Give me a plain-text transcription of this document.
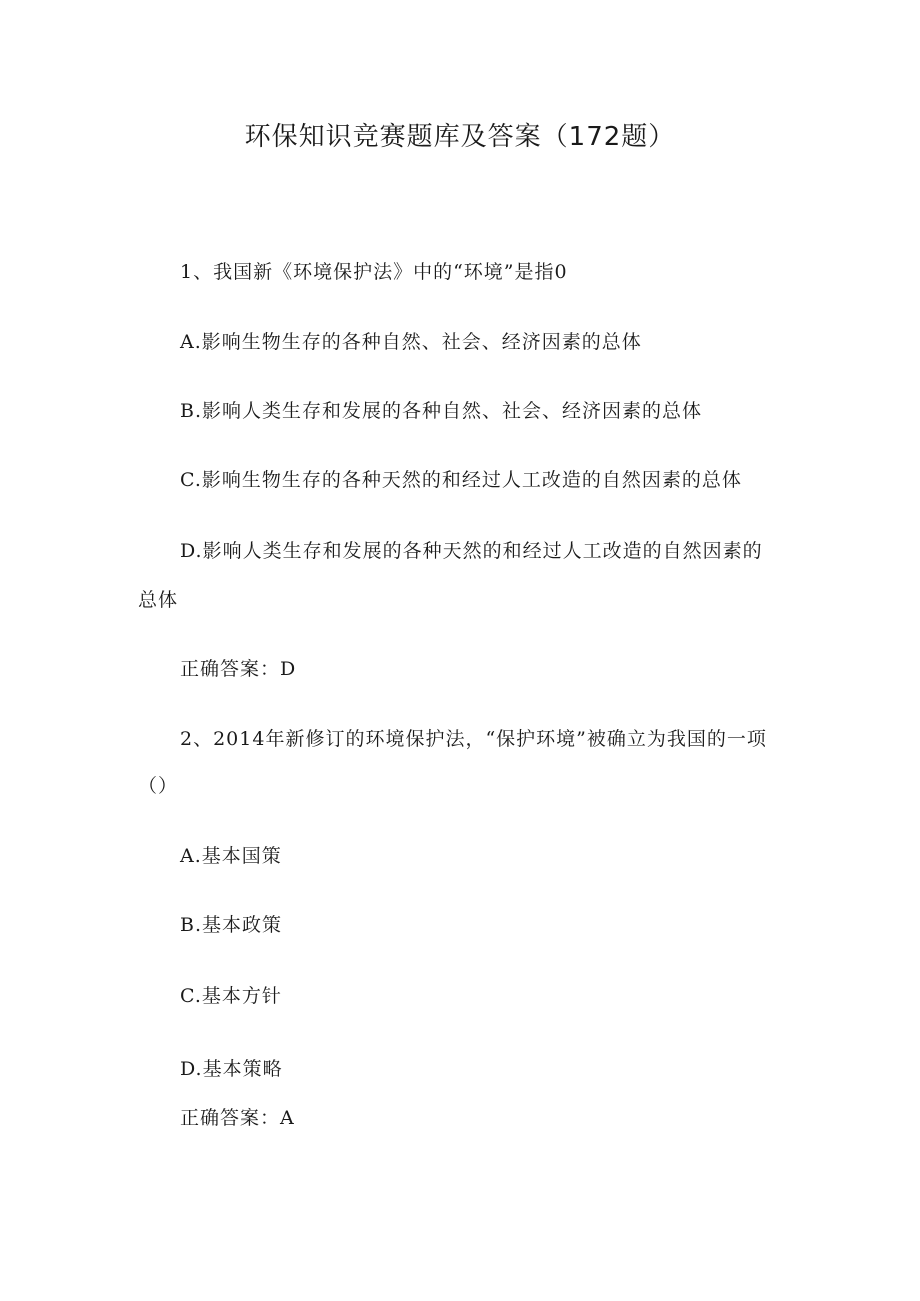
环保知识竞赛题库及答案（172题）
1、我国新《环境保护法》中的“环境”是指0
A.影响生物生存的各种自然、社会、经济因素的总体
B.影响人类生存和发展的各种自然、社会、经济因素的总体
C.影响生物生存的各种天然的和经过人工改造的自然因素的总体
D.影响人类生存和发展的各种天然的和经过人工改造的自然因素的
总体
正确答案：D
2、2014年新修订的环境保护法，“保护环境”被确立为我国的一项
（）
A.基本国策
B.基本政策
C.基本方针
D.基本策略
正确答案：A
